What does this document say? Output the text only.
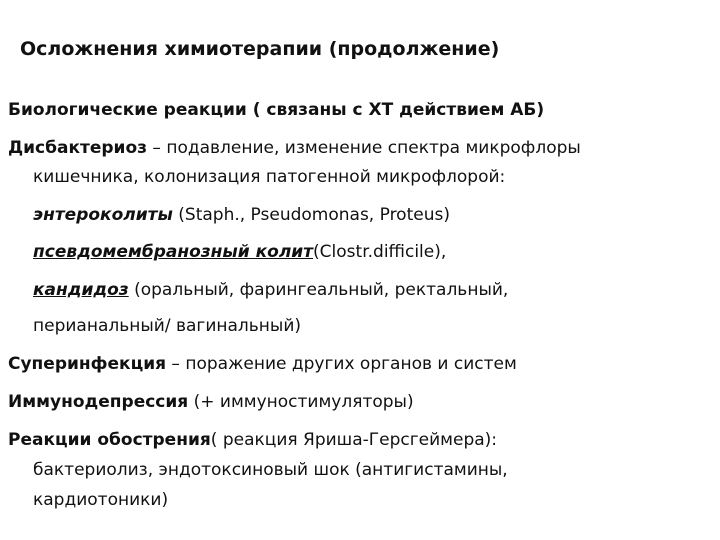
Осложнения химиотерапии (продолжение)
Биологические реакции ( связаны с ХТ действием АБ)
Дисбактериоз – подавление, изменение спектра микрофлоры
кишечника, колонизация патогенной микрофлорой:
энтероколиты (Staph., Pseudomonas, Proteus)
псевдомембранозный колит(Clostr.difficile),
кандидоз (оральный, фарингеальный, ректальный,
перианальный/ вагинальный)
Суперинфекция – поражение других органов и систем
Иммунодепрессия (+ иммуностимуляторы)
Реакции обострения( реакция Яриша-Герсгеймера):
бактериолиз, эндотоксиновый шок (антигистамины,
кардиотоники)
